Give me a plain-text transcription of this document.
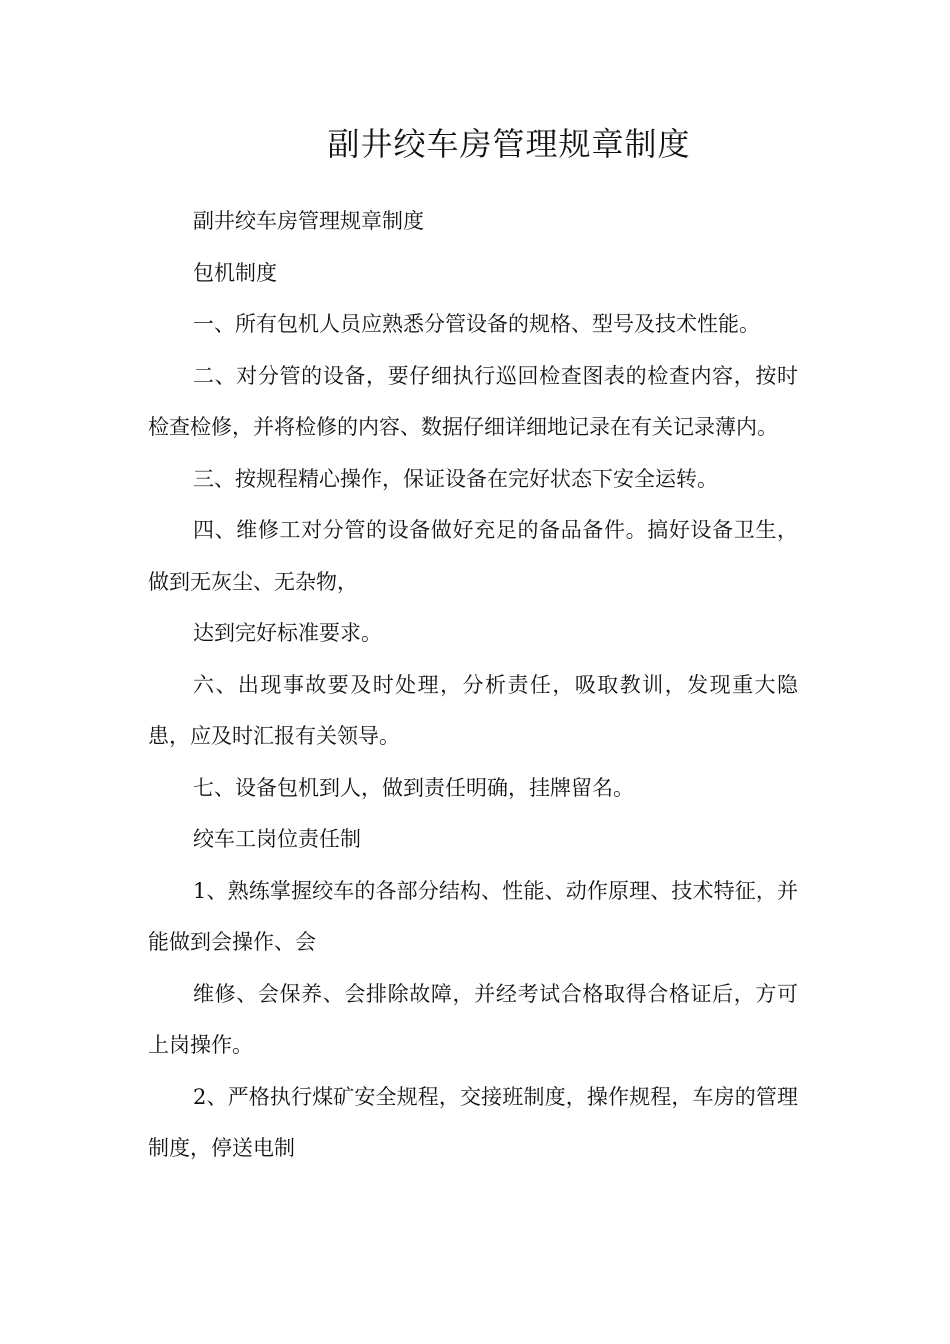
副井绞车房管理规章制度

副井绞车房管理规章制度

包机制度

一、所有包机人员应熟悉分管设备的规格、型号及技术性能。

二、对分管的设备，要仔细执行巡回检查图表的检查内容，按时检查检修，并将检修的内容、数据仔细详细地记录在有关记录薄内。

三、按规程精心操作，保证设备在完好状态下安全运转。

四、维修工对分管的设备做好充足的备品备件。搞好设备卫生，做到无灰尘、无杂物，

达到完好标准要求。

六、出现事故要及时处理，分析责任，吸取教训，发现重大隐患，应及时汇报有关领导。

七、设备包机到人，做到责任明确，挂牌留名。

绞车工岗位责任制

1、熟练掌握绞车的各部分结构、性能、动作原理、技术特征，并能做到会操作、会

维修、会保养、会排除故障，并经考试合格取得合格证后，方可上岗操作。

2、严格执行煤矿安全规程，交接班制度，操作规程，车房的管理制度，停送电制
